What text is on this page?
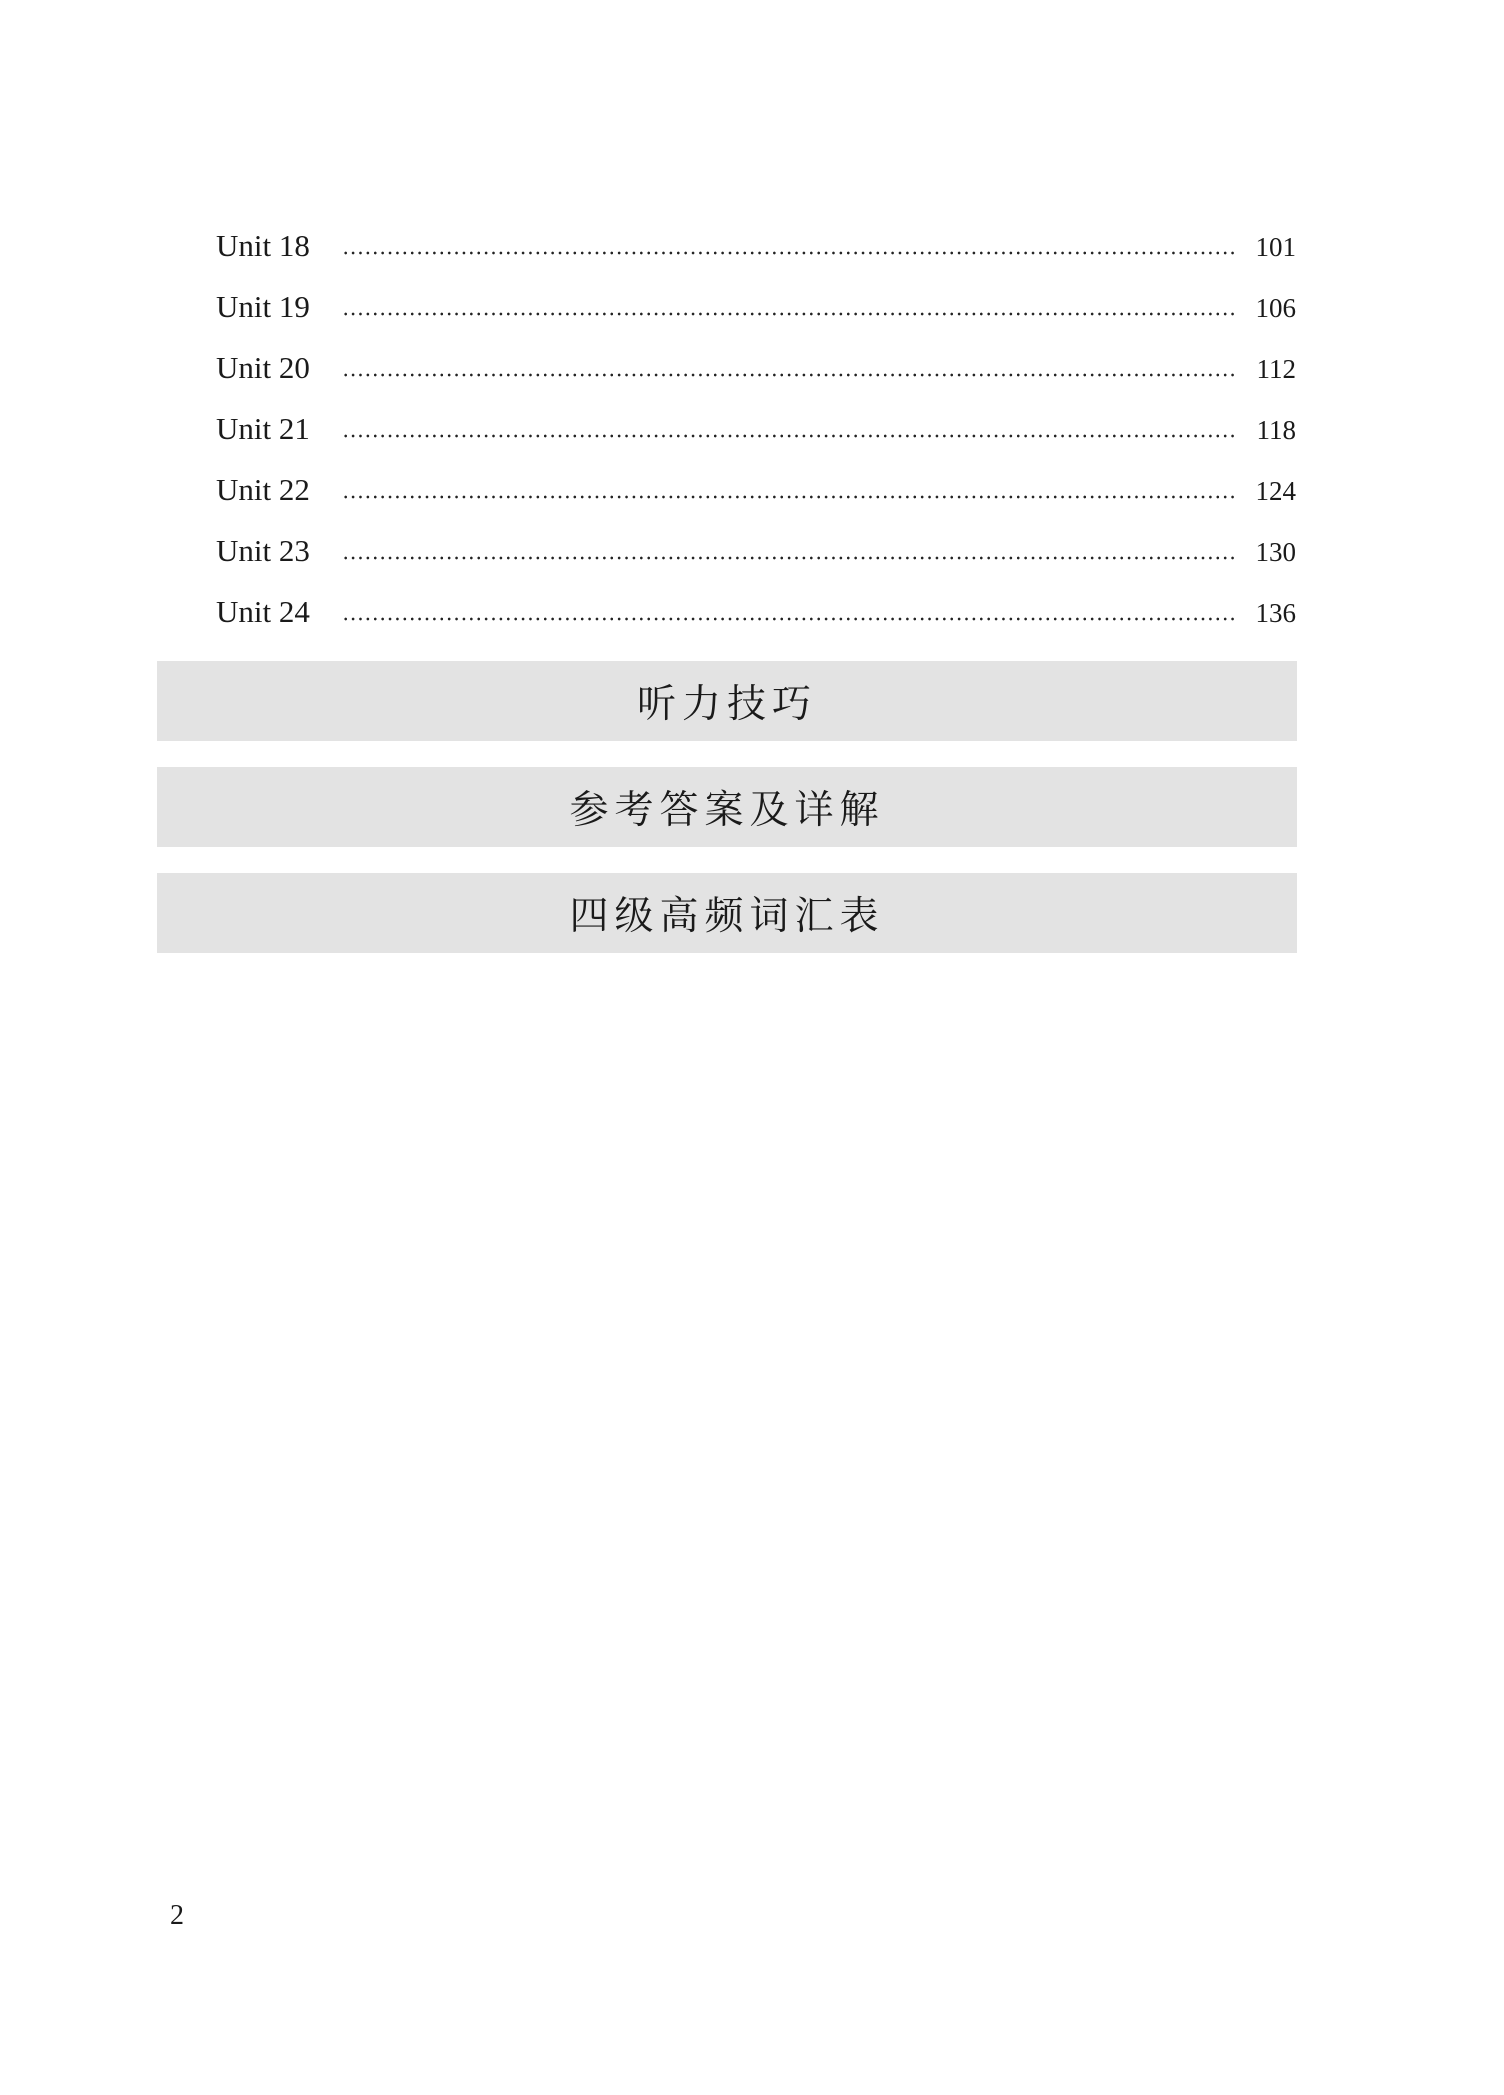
Unit 18	101
Unit 19	106
Unit 20	112
Unit 21	118
Unit 22	124
Unit 23	130
Unit 24	136
听力技巧
参考答案及详解
四级高频词汇表
2
